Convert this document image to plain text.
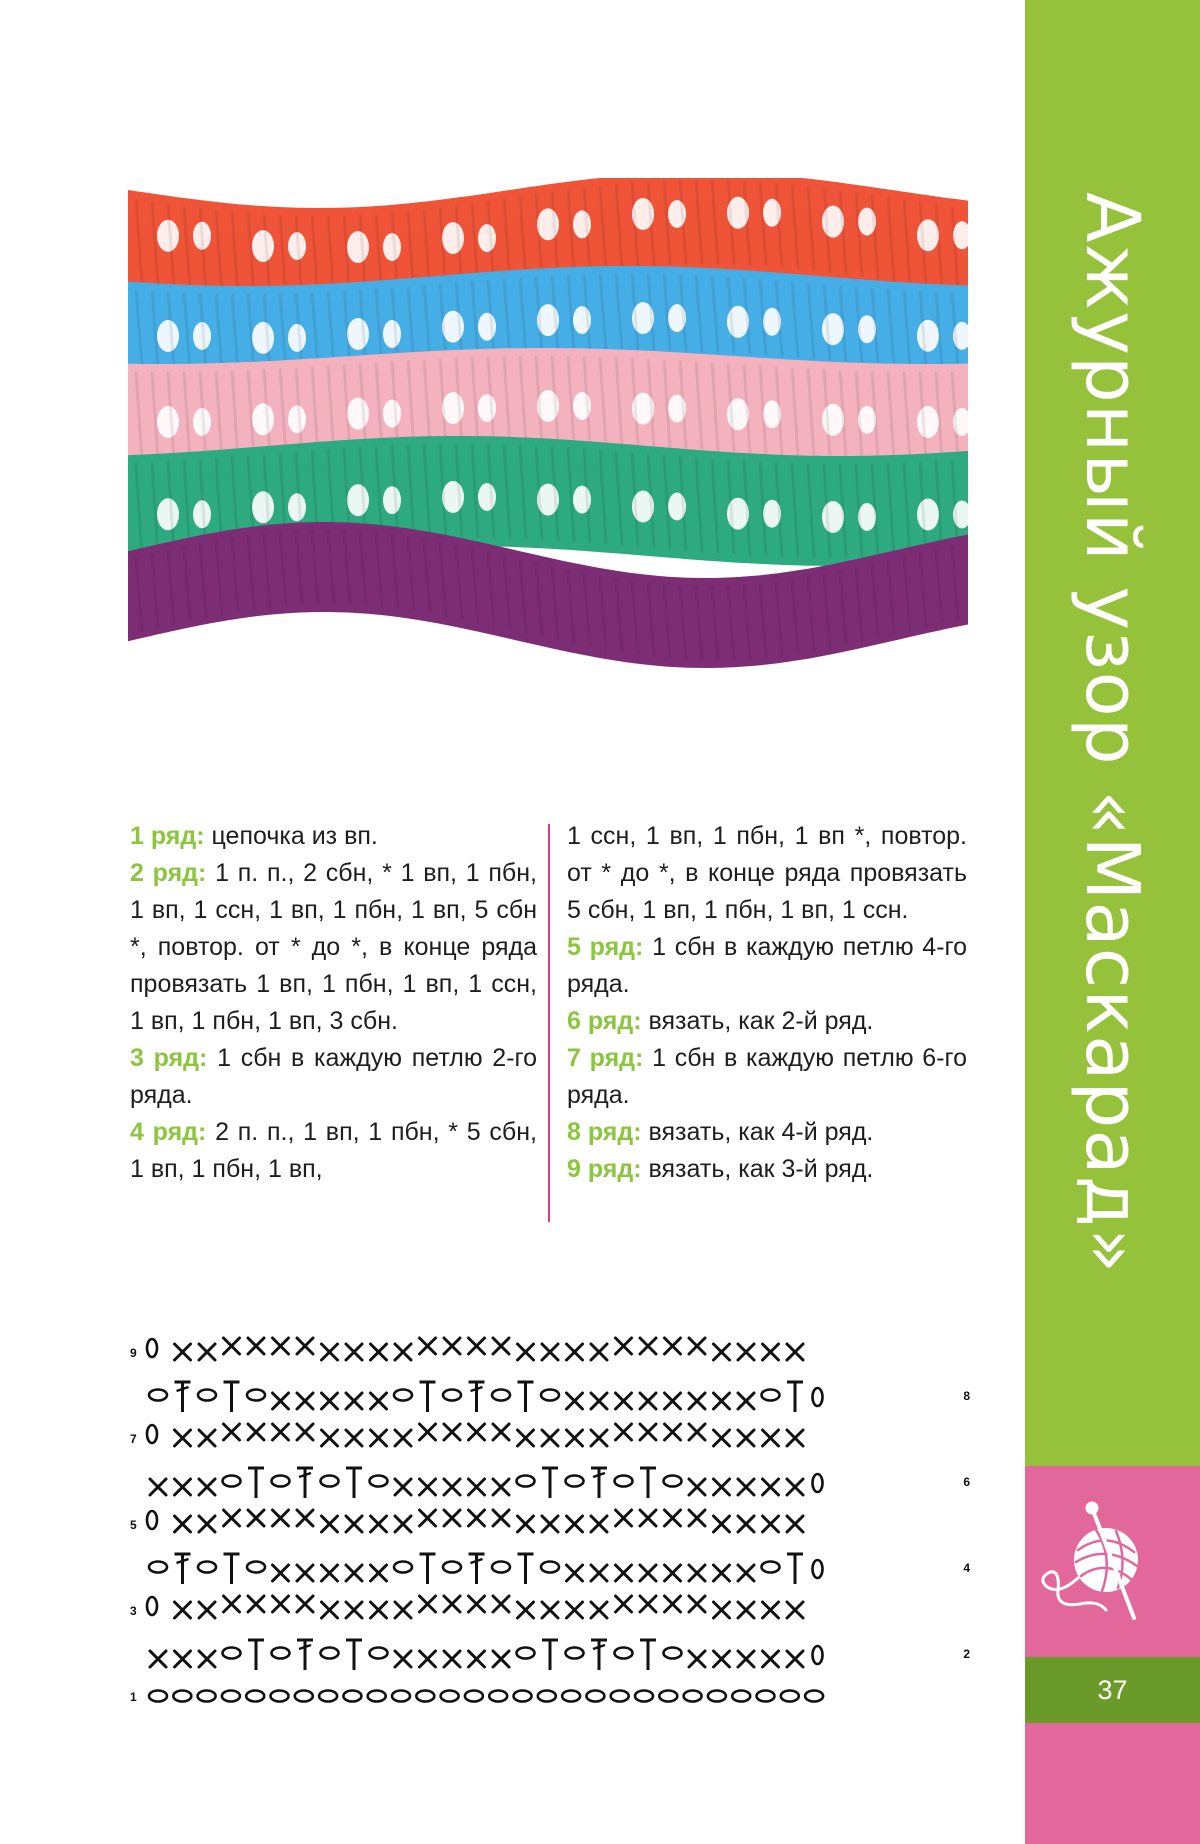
Ажурный узор «Маскарад»
37

1 ряд: цепочка из вп.

2 ряд: 1 п. п., 2 сбн, * 1 вп, 1 пбн, 1 вп, 1 ссн, 1 вп, 1 пбн, 1 вп, 5 сбн *, повтор. от * до *, в конце ряда провязать 1 вп, 1 пбн, 1 вп, 1 ссн, 1 вп, 1 пбн, 1 вп, 3 сбн.

3 ряд: 1 сбн в каждую петлю 2-го ряда.

4 ряд: 2 п. п., 1 вп, 1 пбн, * 5 сбн, 1 вп, 1 пбн, 1 вп,

1 ссн, 1 вп, 1 пбн, 1 вп *, повтор. от * до *, в конце ряда провязать 5 сбн, 1 вп, 1 пбн, 1 вп, 1 ссн.

5 ряд: 1 сбн в каждую петлю 4-го ряда.

6 ряд: вязать, как 2-й ряд.

7 ряд: 1 сбн в каждую петлю 6-го ряда.

8 ряд: вязать, как 4-й ряд.

9 ряд: вязать, как 3-й ряд.

9
8
7
6
5
4
3
2
1
